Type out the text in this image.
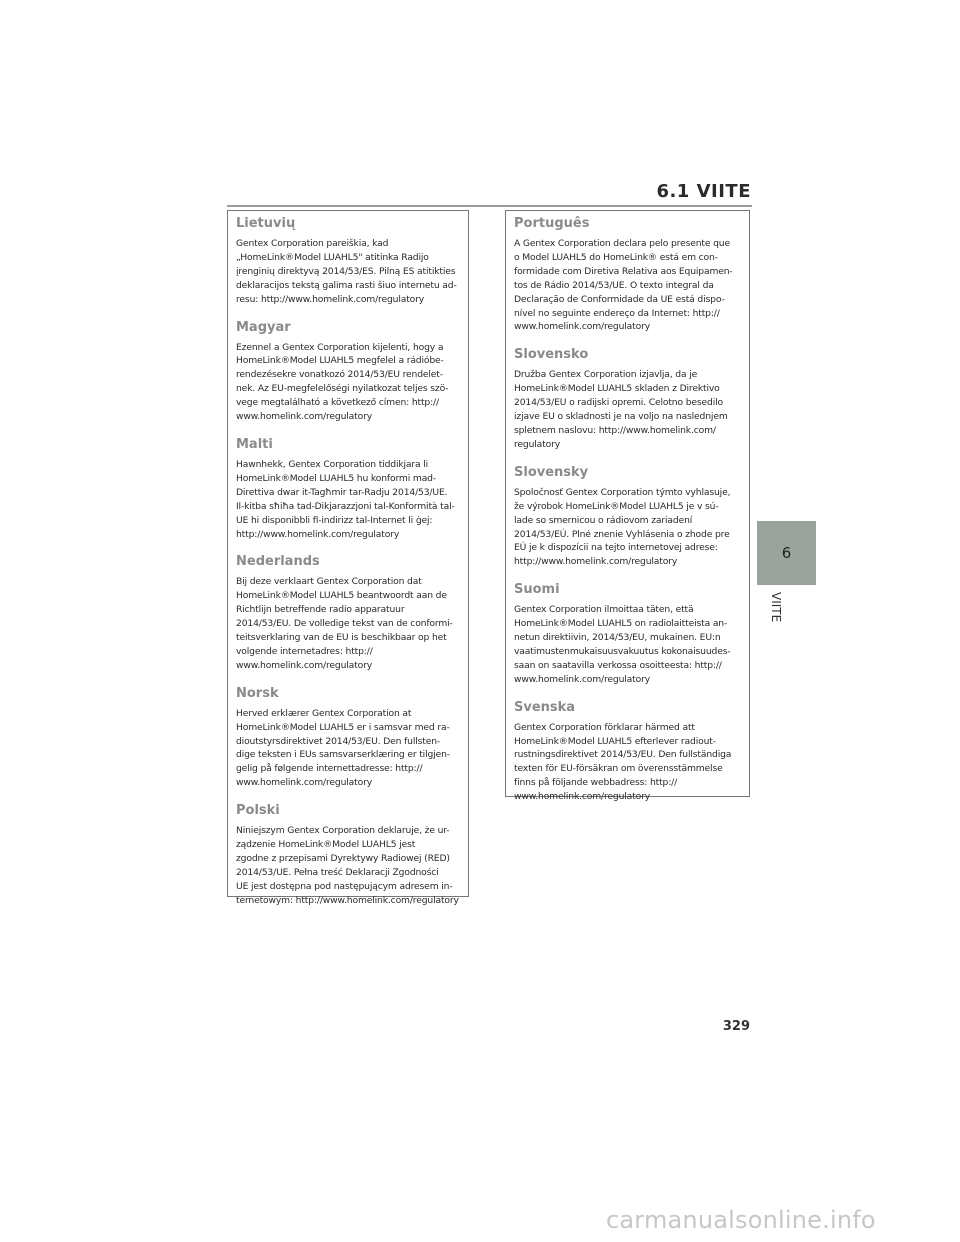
6.1 VIITE
Lietuvių

Gentex Corporation pareiškia, kad
„HomeLink®Model LUAHL5" atitinka Radijo
įrenginių direktyvą 2014/53/ES. Pilną ES atitikties
deklaracijos tekstą galima rasti šiuo internetu ad-
resu: http://www.homelink.com/regulatory

Magyar

Ezennel a Gentex Corporation kijelenti, hogy a
HomeLink®Model LUAHL5 megfelel a rádióbe-
rendezésekre vonatkozó 2014/53/EU rendelet-
nek. Az EU-megfelelőségi nyilatkozat teljes szö-
vege megtalálható a következő címen: http://
www.homelink.com/regulatory

Malti

Hawnhekk, Gentex Corporation tiddikjara li
HomeLink®Model LUAHL5 hu konformi mad-
Direttiva dwar it-Tagħmir tar-Radju 2014/53/UE.
Il-kitba sħiħa tad-Dikjarazzjoni tal-Konformità tal-
UE hi disponibbli fl-indirizz tal-Internet li ġej:
http://www.homelink.com/regulatory

Nederlands

Bij deze verklaart Gentex Corporation dat
HomeLink®Model LUAHL5 beantwoordt aan de
Richtlijn betreffende radio apparatuur
2014/53/EU. De volledige tekst van de conformi-
teitsverklaring van de EU is beschikbaar op het
volgende internetadres: http://
www.homelink.com/regulatory

Norsk

Herved erklærer Gentex Corporation at
HomeLink®Model LUAHL5 er i samsvar med ra-
dioutstyrsdirektivet 2014/53/EU. Den fullsten-
dige teksten i EUs samsvarserklæring er tilgjen-
gelig på følgende internettadresse: http://
www.homelink.com/regulatory

Polski

Niniejszym Gentex Corporation deklaruje, że ur-
ządzenie HomeLink®Model LUAHL5 jest
zgodne z przepisami Dyrektywy Radiowej (RED)
2014/53/UE. Pełna treść Deklaracji Zgodności
UE jest dostępna pod następującym adresem in-
ternetowym: http://www.homelink.com/regulatory

Português

A Gentex Corporation declara pelo presente que
o Model LUAHL5 do HomeLink® está em con-
formidade com Diretiva Relativa aos Equipamen-
tos de Rádio 2014/53/UE. O texto integral da
Declaração de Conformidade da UE está dispo-
nível no seguinte endereço da Internet: http://
www.homelink.com/regulatory

Slovensko

Družba Gentex Corporation izjavlja, da je
HomeLink®Model LUAHL5 skladen z Direktivo
2014/53/EU o radijski opremi. Celotno besedilo
izjave EU o skladnosti je na voljo na naslednjem
spletnem naslovu: http://www.homelink.com/
regulatory

Slovensky

Spoločnosť Gentex Corporation týmto vyhlasuje,
že výrobok HomeLink®Model LUAHL5 je v sú-
lade so smernicou o rádiovom zariadení
2014/53/EÚ. Plné znenie Vyhlásenia o zhode pre
EÚ je k dispozícii na tejto internetovej adrese:
http://www.homelink.com/regulatory

Suomi

Gentex Corporation ilmoittaa täten, että
HomeLink®Model LUAHL5 on radiolaitteista an-
netun direktiivin, 2014/53/EU, mukainen. EU:n
vaatimustenmukaisuusvakuutus kokonaisuudes-
saan on saatavilla verkossa osoitteesta: http://
www.homelink.com/regulatory

Svenska

Gentex Corporation förklarar härmed att
HomeLink®Model LUAHL5 efterlever radiout-
rustningsdirektivet 2014/53/EU. Den fullständiga
texten för EU-försäkran om överensstämmelse
finns på följande webbadress: http://
www.homelink.com/regulatory

6
VIITE
329
carmanualsonline.info
